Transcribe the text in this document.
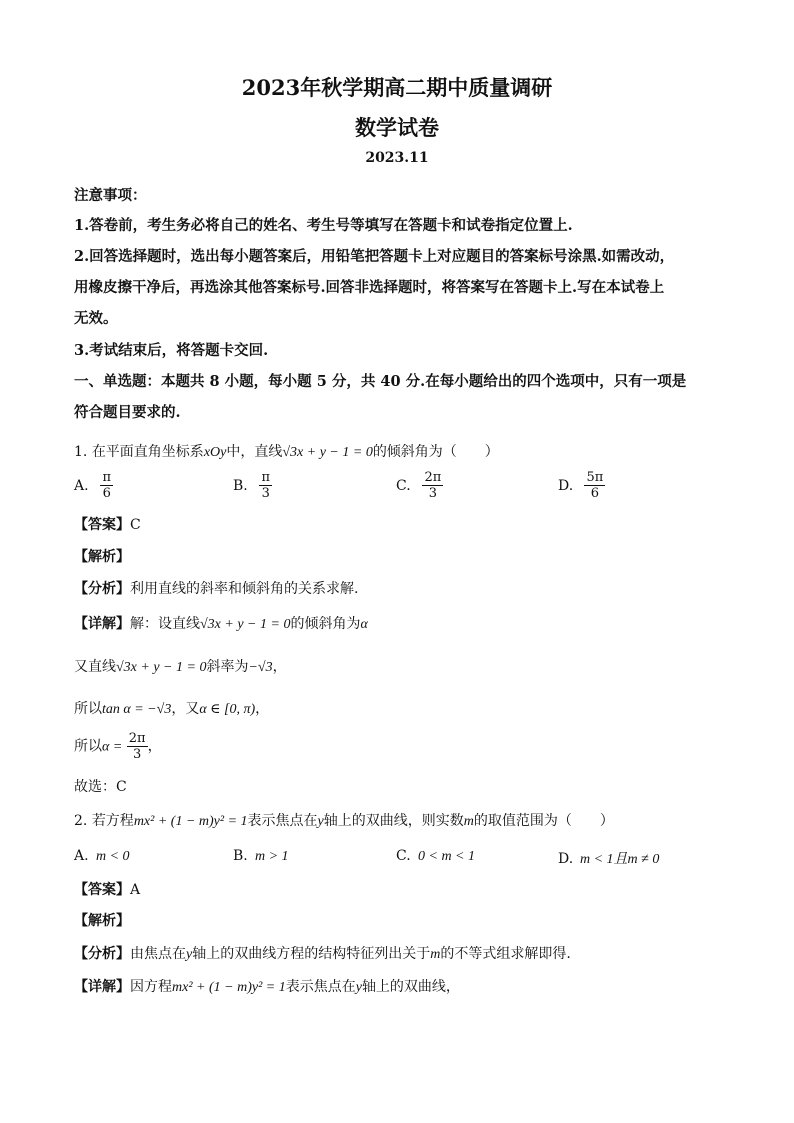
2023年秋学期高二期中质量调研
数学试卷
2023.11
注意事项：
1.答卷前，考生务必将自己的姓名、考生号等填写在答题卡和试卷指定位置上.
2.回答选择题时，选出每小题答案后，用铅笔把答题卡上对应题目的答案标号涂黑.如需改动，
用橡皮擦干净后，再选涂其他答案标号.回答非选择题时，将答案写在答题卡上.写在本试卷上
无效。
3.考试结束后，将答题卡交回.
一、单选题：本题共 8 小题，每小题 5 分，共 40 分.在每小题给出的四个选项中，只有一项是
符合题目要求的.
1. 在平面直角坐标系xOy中，直线√3x + y − 1 = 0的倾斜角为（　　）
A. $\frac{\pi}{6}$	B. $\frac{\pi}{3}$	C. $\frac{2\pi}{3}$	D. $\frac{5\pi}{6}$
【答案】C
【解析】
【分析】利用直线的斜率和倾斜角的关系求解.
【详解】解：设直线√3x + y − 1 = 0的倾斜角为α
又直线√3x + y − 1 = 0斜率为−√3，
所以tan α = −√3，又α ∈ [0, π)，
所以$\alpha = \frac{2\pi}{3}$ ，
故选：C
2. 若方程mx² + (1 − m)y² = 1表示焦点在y轴上的双曲线，则实数m的取值范围为（　　）
A. m < 0	B. m > 1	C. 0 < m < 1	D. m < 1且m ≠ 0
【答案】A
【解析】
【分析】由焦点在y轴上的双曲线方程的结构特征列出关于m的不等式组求解即得.
【详解】因方程mx² + (1 − m)y² = 1表示焦点在y轴上的双曲线，
